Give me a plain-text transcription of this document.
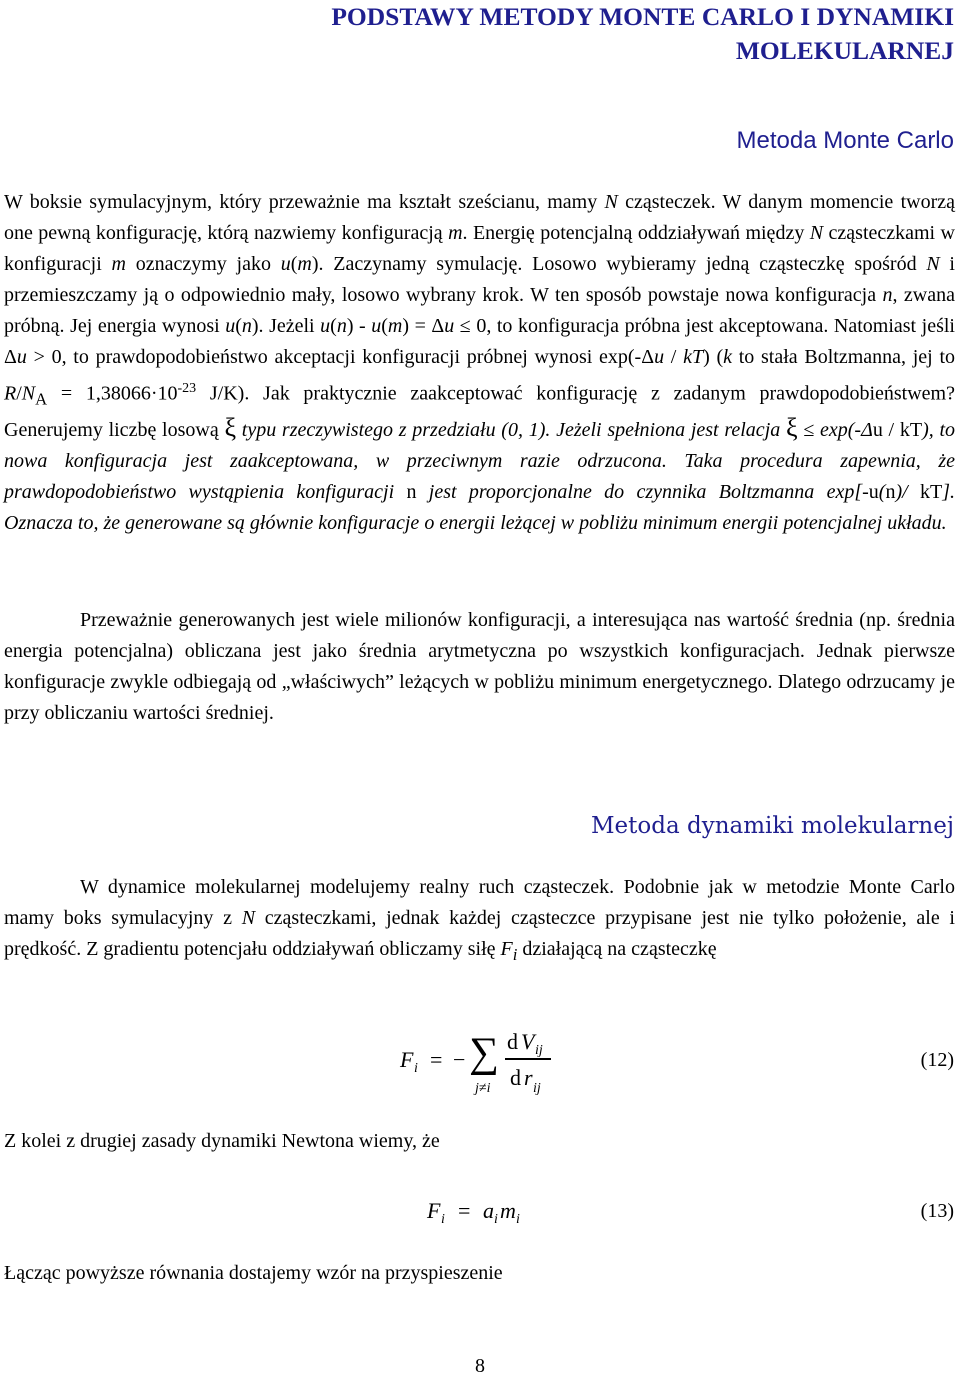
PODSTAWY METODY MONTE CARLO I DYNAMIKI
MOLEKULARNEJ
Metoda Monte Carlo
W boksie symulacyjnym, który przeważnie ma kształt sześcianu, mamy N cząsteczek. W danym momencie tworzą one pewną konfigurację, którą nazwiemy konfiguracją m. Energię potencjalną oddziaływań między N cząsteczkami w konfiguracji m oznaczymy jako u(m). Zaczynamy symulację. Losowo wybieramy jedną cząsteczkę spośród N i przemieszczamy ją o odpowiednio mały, losowo wybrany krok. W ten sposób powstaje nowa konfiguracja n, zwana próbną. Jej energia wynosi u(n). Jeżeli u(n) - u(m) = Δu ≤ 0, to konfiguracja próbna jest akceptowana. Natomiast jeśli Δu > 0, to prawdopodobieństwo akceptacji konfiguracji próbnej wynosi exp(-Δu / kT) (k to stała Boltzmanna, jej to $R/N_A = 1,38066\cdot 10^{-23}$ J/K). Jak praktycznie zaakceptować konfigurację z zadanym prawdopodobieństwem? Generujemy liczbę losową ξ typu rzeczywistego z przedziału (0, 1). Jeżeli spełniona jest relacja ξ ≤ exp(-Δu / kT), to nowa konfiguracja jest zaakceptowana, w przeciwnym razie odrzucona. Taka procedura zapewnia, że prawdopodobieństwo wystąpienia konfiguracji n jest proporcjonalne do czynnika Boltzmanna exp[-u(n)/ kT]. Oznacza to, że generowane są głównie konfiguracje o energii leżącej w pobliżu minimum energii potencjalnej układu.
Przeważnie generowanych jest wiele milionów konfiguracji, a interesująca nas wartość średnia (np. średnia energia potencjalna) obliczana jest jako średnia arytmetyczna po wszystkich konfiguracjach. Jednak pierwsze konfiguracje zwykle odbiegają od „właściwych” leżących w pobliżu minimum energetycznego. Dlatego odrzucamy je przy obliczaniu wartości średniej.
Metoda dynamiki molekularnej
W dynamice molekularnej modelujemy realny ruch cząsteczek. Podobnie jak w metodzie Monte Carlo mamy boks symulacyjny z N cząsteczkami, jednak każdej cząsteczce przypisane jest nie tylko położenie, ale i prędkość. Z gradientu potencjału oddziaływań obliczamy siłę $F_i$ działającą na cząsteczkę
F i = − ∑
j≠i
d V ij
d r ij
(12)
Z kolei z drugiej zasady dynamiki Newtona wiemy, że
F i = a i m i	(13)
Łącząc powyższe równania dostajemy wzór na przyspieszenie
8
